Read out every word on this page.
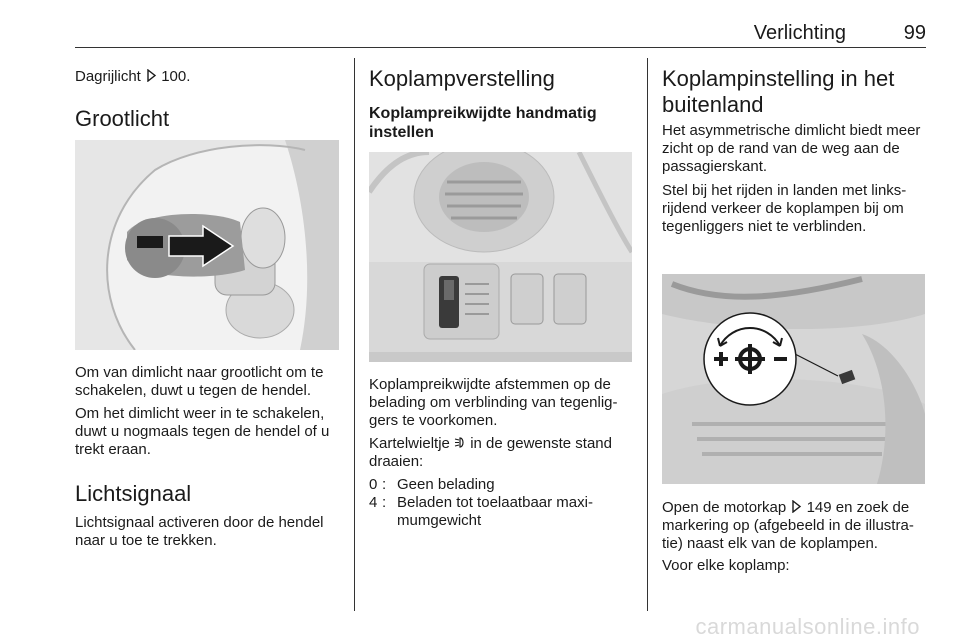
Verlichting	99

Dagrijlicht 100.

Grootlicht

Om van dimlicht naar grootlicht om te schakelen, duwt u tegen de hendel.

Om het dimlicht weer in te schakelen, duwt u nogmaals tegen de hendel of u trekt eraan.

Lichtsignaal

Lichtsignaal activeren door de hendel naar u toe te trekken.

Koplampverstelling
Koplampreikwijdte handmatig instellen

Koplampreikwijdte afstemmen op de belading om verblinding van tegenliggers te voorkomen.

Kartelwieltje in de gewenste stand draaien:

0 : Geen belading
4 : Beladen tot toelaatbaar maximumgewicht
Koplampinstelling in het buitenland

Het asymmetrische dimlicht biedt meer zicht op de rand van de weg aan de passagierskant.

Stel bij het rijden in landen met linksrijdend verkeer de koplampen bij om tegenliggers niet te verblinden.

Open de motorkap 149 en zoek de markering op (afgebeeld in de illustratie) naast elk van de koplampen.

Voor elke koplamp:

carmanualsonline.info
